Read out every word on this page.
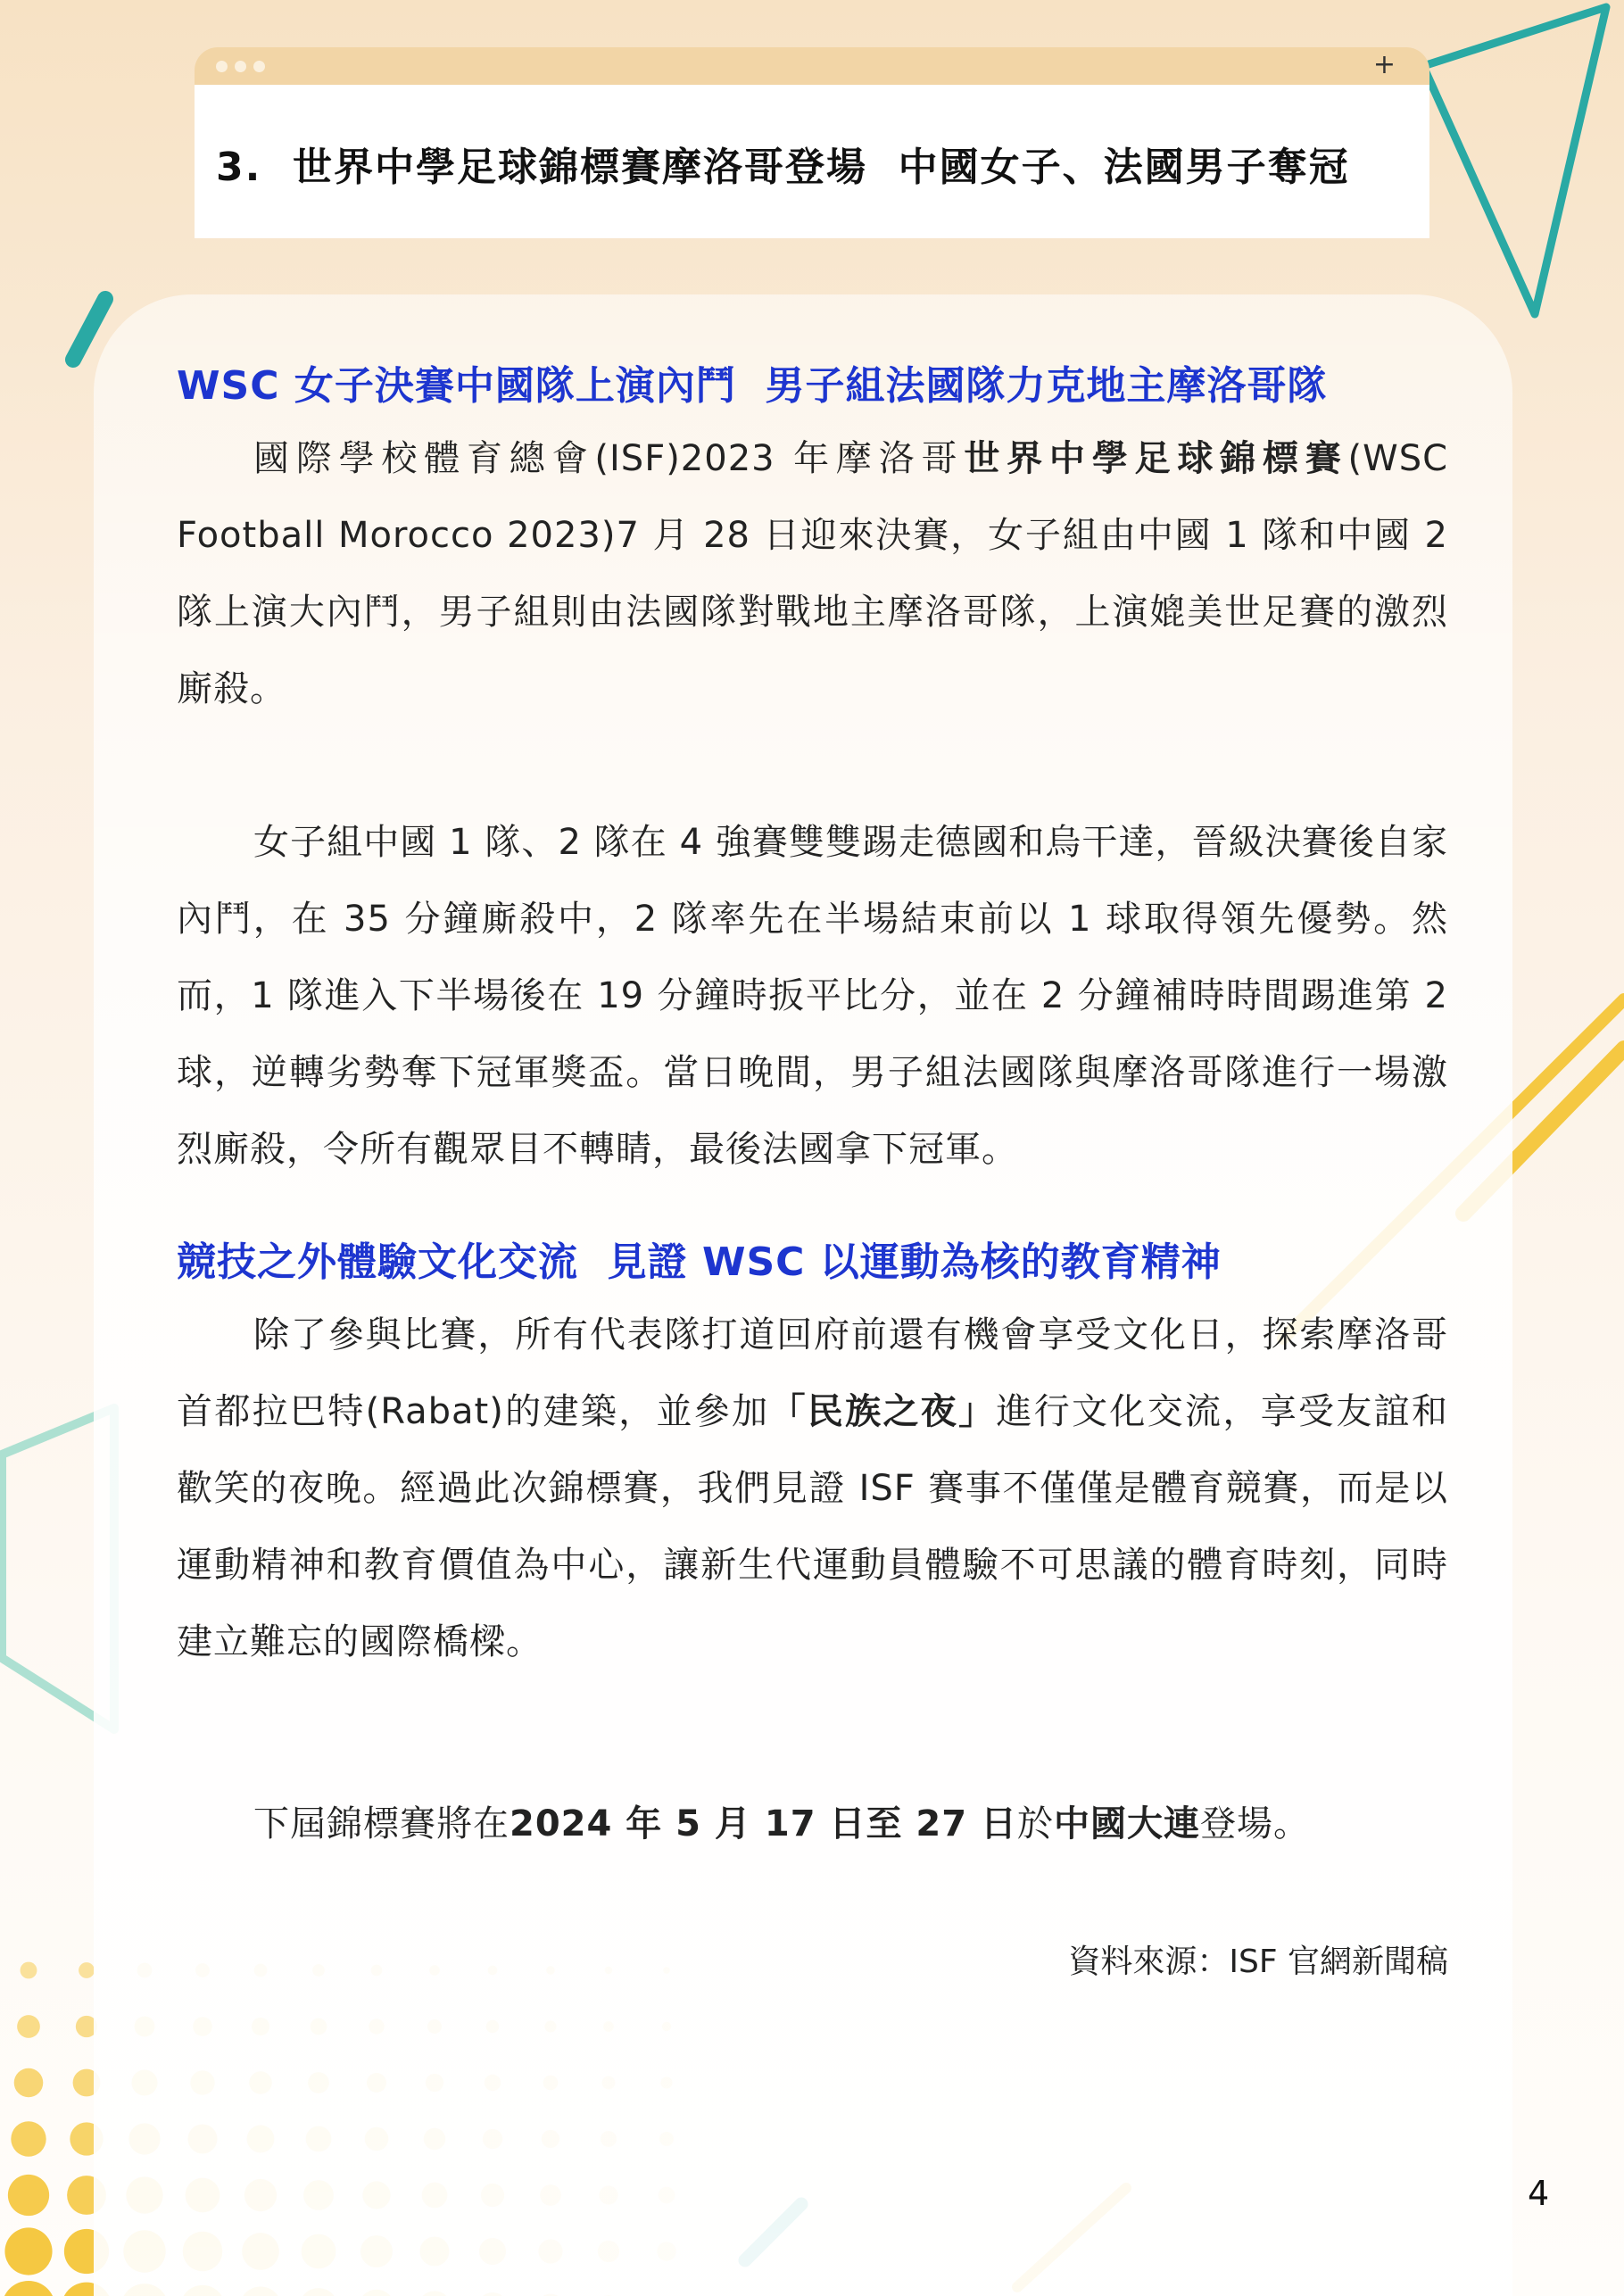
+
3.  世界中學足球錦標賽摩洛哥登場  中國女子、法國男子奪冠
WSC 女子決賽中國隊上演內鬥  男子組法國隊力克地主摩洛哥隊

國際學校體育總會(ISF)2023 年摩洛哥世界中學足球錦標賽(WSC Football Morocco 2023)7 月 28 日迎來決賽，女子組由中國 1 隊和中國 2 隊上演大內鬥，男子組則由法國隊對戰地主摩洛哥隊，上演媲美世足賽的激烈廝殺。

女子組中國 1 隊、2 隊在 4 強賽雙雙踢走德國和烏干達，晉級決賽後自家內鬥，在 35 分鐘廝殺中，2 隊率先在半場結束前以 1 球取得領先優勢。然而，1 隊進入下半場後在 19 分鐘時扳平比分，並在 2 分鐘補時時間踢進第 2 球，逆轉劣勢奪下冠軍獎盃。當日晚間，男子組法國隊與摩洛哥隊進行一場激烈廝殺，令所有觀眾目不轉睛，最後法國拿下冠軍。

競技之外體驗文化交流  見證 WSC 以運動為核的教育精神

除了參與比賽，所有代表隊打道回府前還有機會享受文化日，探索摩洛哥首都拉巴特(Rabat)的建築，並參加「民族之夜」進行文化交流，享受友誼和歡笑的夜晚。經過此次錦標賽，我們見證 ISF 賽事不僅僅是體育競賽，而是以運動精神和教育價值為中心，讓新生代運動員體驗不可思議的體育時刻，同時建立難忘的國際橋樑。

下屆錦標賽將在2024 年 5 月 17 日至 27 日於中國大連登場。

資料來源：ISF 官網新聞稿

4
